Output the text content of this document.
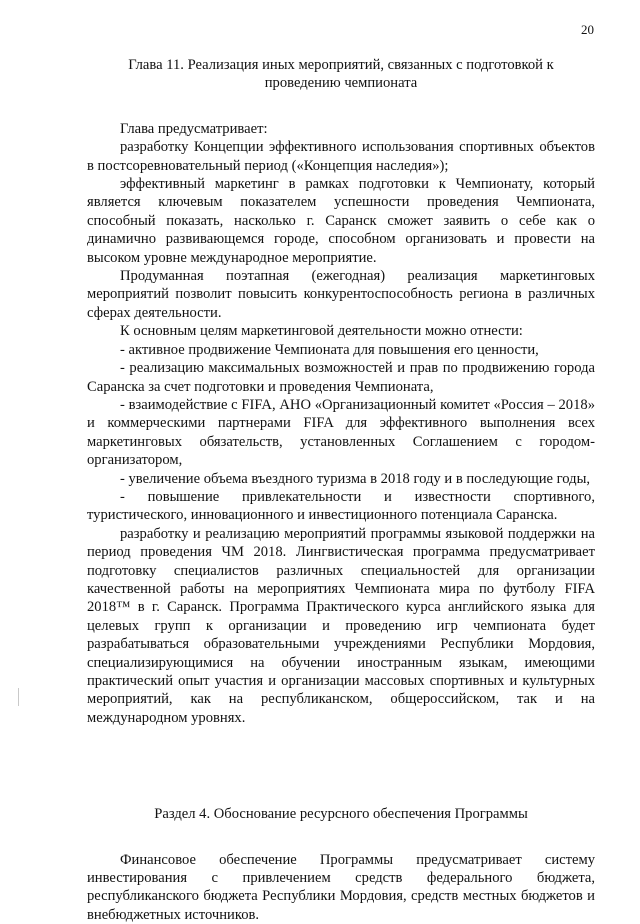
20
Глава 11. Реализация иных мероприятий, связанных с подготовкой к проведению чемпионата

Глава предусматривает:

разработку Концепции эффективного использования спортивных объектов в постсоревновательный период («Концепция наследия»);

эффективный маркетинг в рамках подготовки к Чемпионату, который является ключевым показателем успешности проведения Чемпионата, способный показать, насколько г. Саранск сможет заявить о себе как о динамично развивающемся городе, способном организовать и провести на высоком уровне международное мероприятие.

Продуманная поэтапная (ежегодная) реализация маркетинговых мероприятий позволит повысить конкурентоспособность региона в различных сферах деятельности.

К основным целям маркетинговой деятельности можно отнести:

- активное продвижение Чемпионата для повышения его ценности,

- реализацию максимальных возможностей и прав по продвижению города Саранска за счет подготовки и проведения Чемпионата,

- взаимодействие с FIFA, АНО «Организационный комитет «Россия – 2018» и коммерческими партнерами FIFA для эффективного выполнения всех маркетинговых обязательств, установленных Соглашением с городом-организатором,

- увеличение объема въездного туризма в 2018 году и в последующие годы,

- повышение привлекательности и известности спортивного, туристического, инновационного и инвестиционного потенциала Саранска.

разработку и реализацию мероприятий программы языковой поддержки на период проведения ЧМ 2018. Лингвистическая программа предусматривает подготовку специалистов различных специальностей для организации качественной работы на мероприятиях Чемпионата мира по футболу FIFA 2018™ в г. Саранск. Программа Практического курса английского языка для целевых групп к организации и проведению игр чемпионата будет разрабатываться образовательными учреждениями Республики Мордовия, специализирующимися на обучении иностранным языкам, имеющими практический опыт участия и организации массовых спортивных и культурных мероприятий, как на республиканском, общероссийском, так и на международном уровнях.

Раздел 4. Обоснование ресурсного обеспечения Программы

Финансовое обеспечение Программы предусматривает систему инвестирования с привлечением средств федерального бюджета, республиканского бюджета Республики Мордовия, средств местных бюджетов и внебюджетных источников.
